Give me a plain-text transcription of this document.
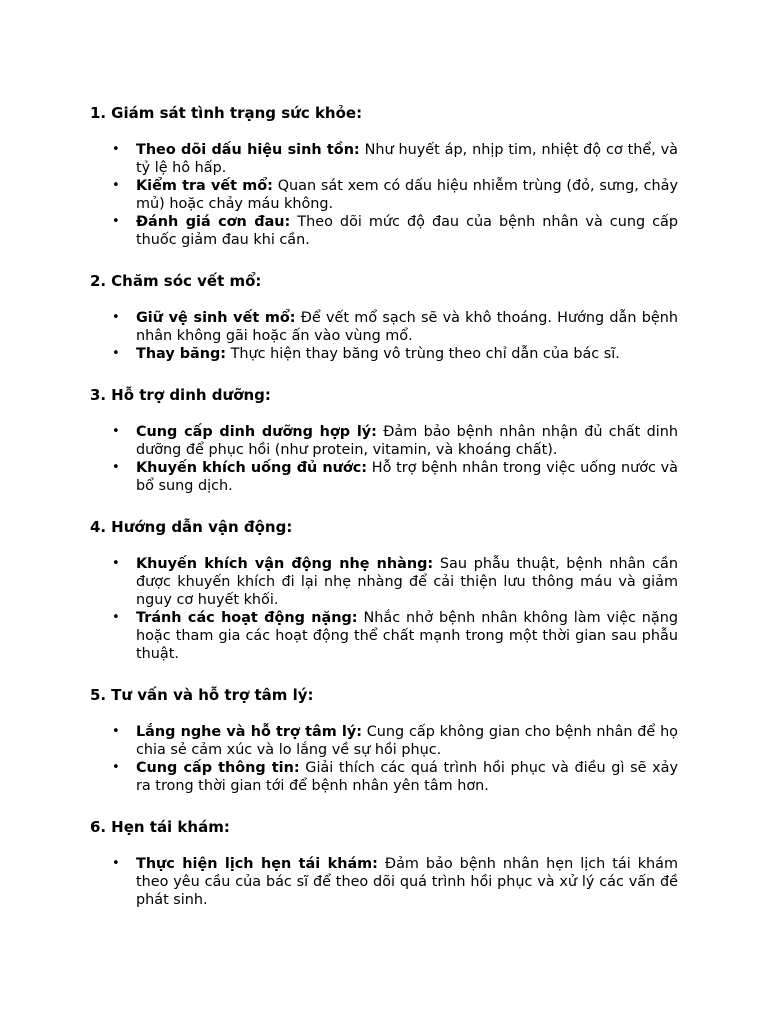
1. Giám sát tình trạng sức khỏe:
• Theo dõi dấu hiệu sinh tồn: Như huyết áp, nhịp tim, nhiệt độ cơ thể, và tỷ lệ hô hấp.
• Kiểm tra vết mổ: Quan sát xem có dấu hiệu nhiễm trùng (đỏ, sưng, chảy mủ) hoặc chảy máu không.
• Đánh giá cơn đau: Theo dõi mức độ đau của bệnh nhân và cung cấp thuốc giảm đau khi cần.
2. Chăm sóc vết mổ:
• Giữ vệ sinh vết mổ: Để vết mổ sạch sẽ và khô thoáng. Hướng dẫn bệnh nhân không gãi hoặc ấn vào vùng mổ.
• Thay băng: Thực hiện thay băng vô trùng theo chỉ dẫn của bác sĩ.
3. Hỗ trợ dinh dưỡng:
• Cung cấp dinh dưỡng hợp lý: Đảm bảo bệnh nhân nhận đủ chất dinh dưỡng để phục hồi (như protein, vitamin, và khoáng chất).
• Khuyến khích uống đủ nước: Hỗ trợ bệnh nhân trong việc uống nước và bổ sung dịch.
4. Hướng dẫn vận động:
• Khuyến khích vận động nhẹ nhàng: Sau phẫu thuật, bệnh nhân cần được khuyến khích đi lại nhẹ nhàng để cải thiện lưu thông máu và giảm nguy cơ huyết khối.
• Tránh các hoạt động nặng: Nhắc nhở bệnh nhân không làm việc nặng hoặc tham gia các hoạt động thể chất mạnh trong một thời gian sau phẫu thuật.
5. Tư vấn và hỗ trợ tâm lý:
• Lắng nghe và hỗ trợ tâm lý: Cung cấp không gian cho bệnh nhân để họ chia sẻ cảm xúc và lo lắng về sự hồi phục.
• Cung cấp thông tin: Giải thích các quá trình hồi phục và điều gì sẽ xảy ra trong thời gian tới để bệnh nhân yên tâm hơn.
6. Hẹn tái khám:
• Thực hiện lịch hẹn tái khám: Đảm bảo bệnh nhân hẹn lịch tái khám theo yêu cầu của bác sĩ để theo dõi quá trình hồi phục và xử lý các vấn đề phát sinh.
